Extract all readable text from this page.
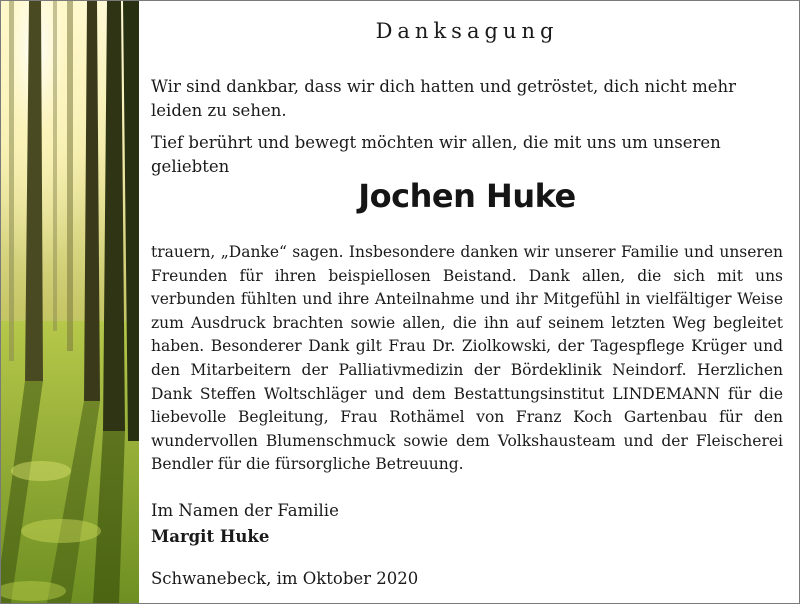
Danksagung
Wir sind dankbar, dass wir dich hatten und getröstet, dich nicht mehr leiden zu sehen.
Tief berührt und bewegt möchten wir allen, die mit uns um unseren geliebten
Jochen Huke
trauern, „Danke“ sagen. Insbesondere danken wir unserer Familie und unseren Freunden für ihren beispiellosen Beistand. Dank allen, die sich mit uns verbunden fühlten und ihre Anteilnahme und ihr Mitgefühl in vielfältiger Weise zum Ausdruck brachten sowie allen, die ihn auf seinem letzten Weg begleitet haben. Besonderer Dank gilt Frau Dr. Ziolkowski, der Tagespflege Krüger und den Mitarbeitern der Palliativmedizin der Bördeklinik Neindorf. Herzlichen Dank Steffen Woltschläger und dem Bestattungsinstitut LINDEMANN für die liebevolle Begleitung, Frau Rothämel von Franz Koch Gartenbau für den wundervollen Blumenschmuck sowie dem Volkshausteam und der Fleischerei Bendler für die fürsorgliche Betreuung.
Im Namen der Familie
Margit Huke
Schwanebeck, im Oktober 2020
